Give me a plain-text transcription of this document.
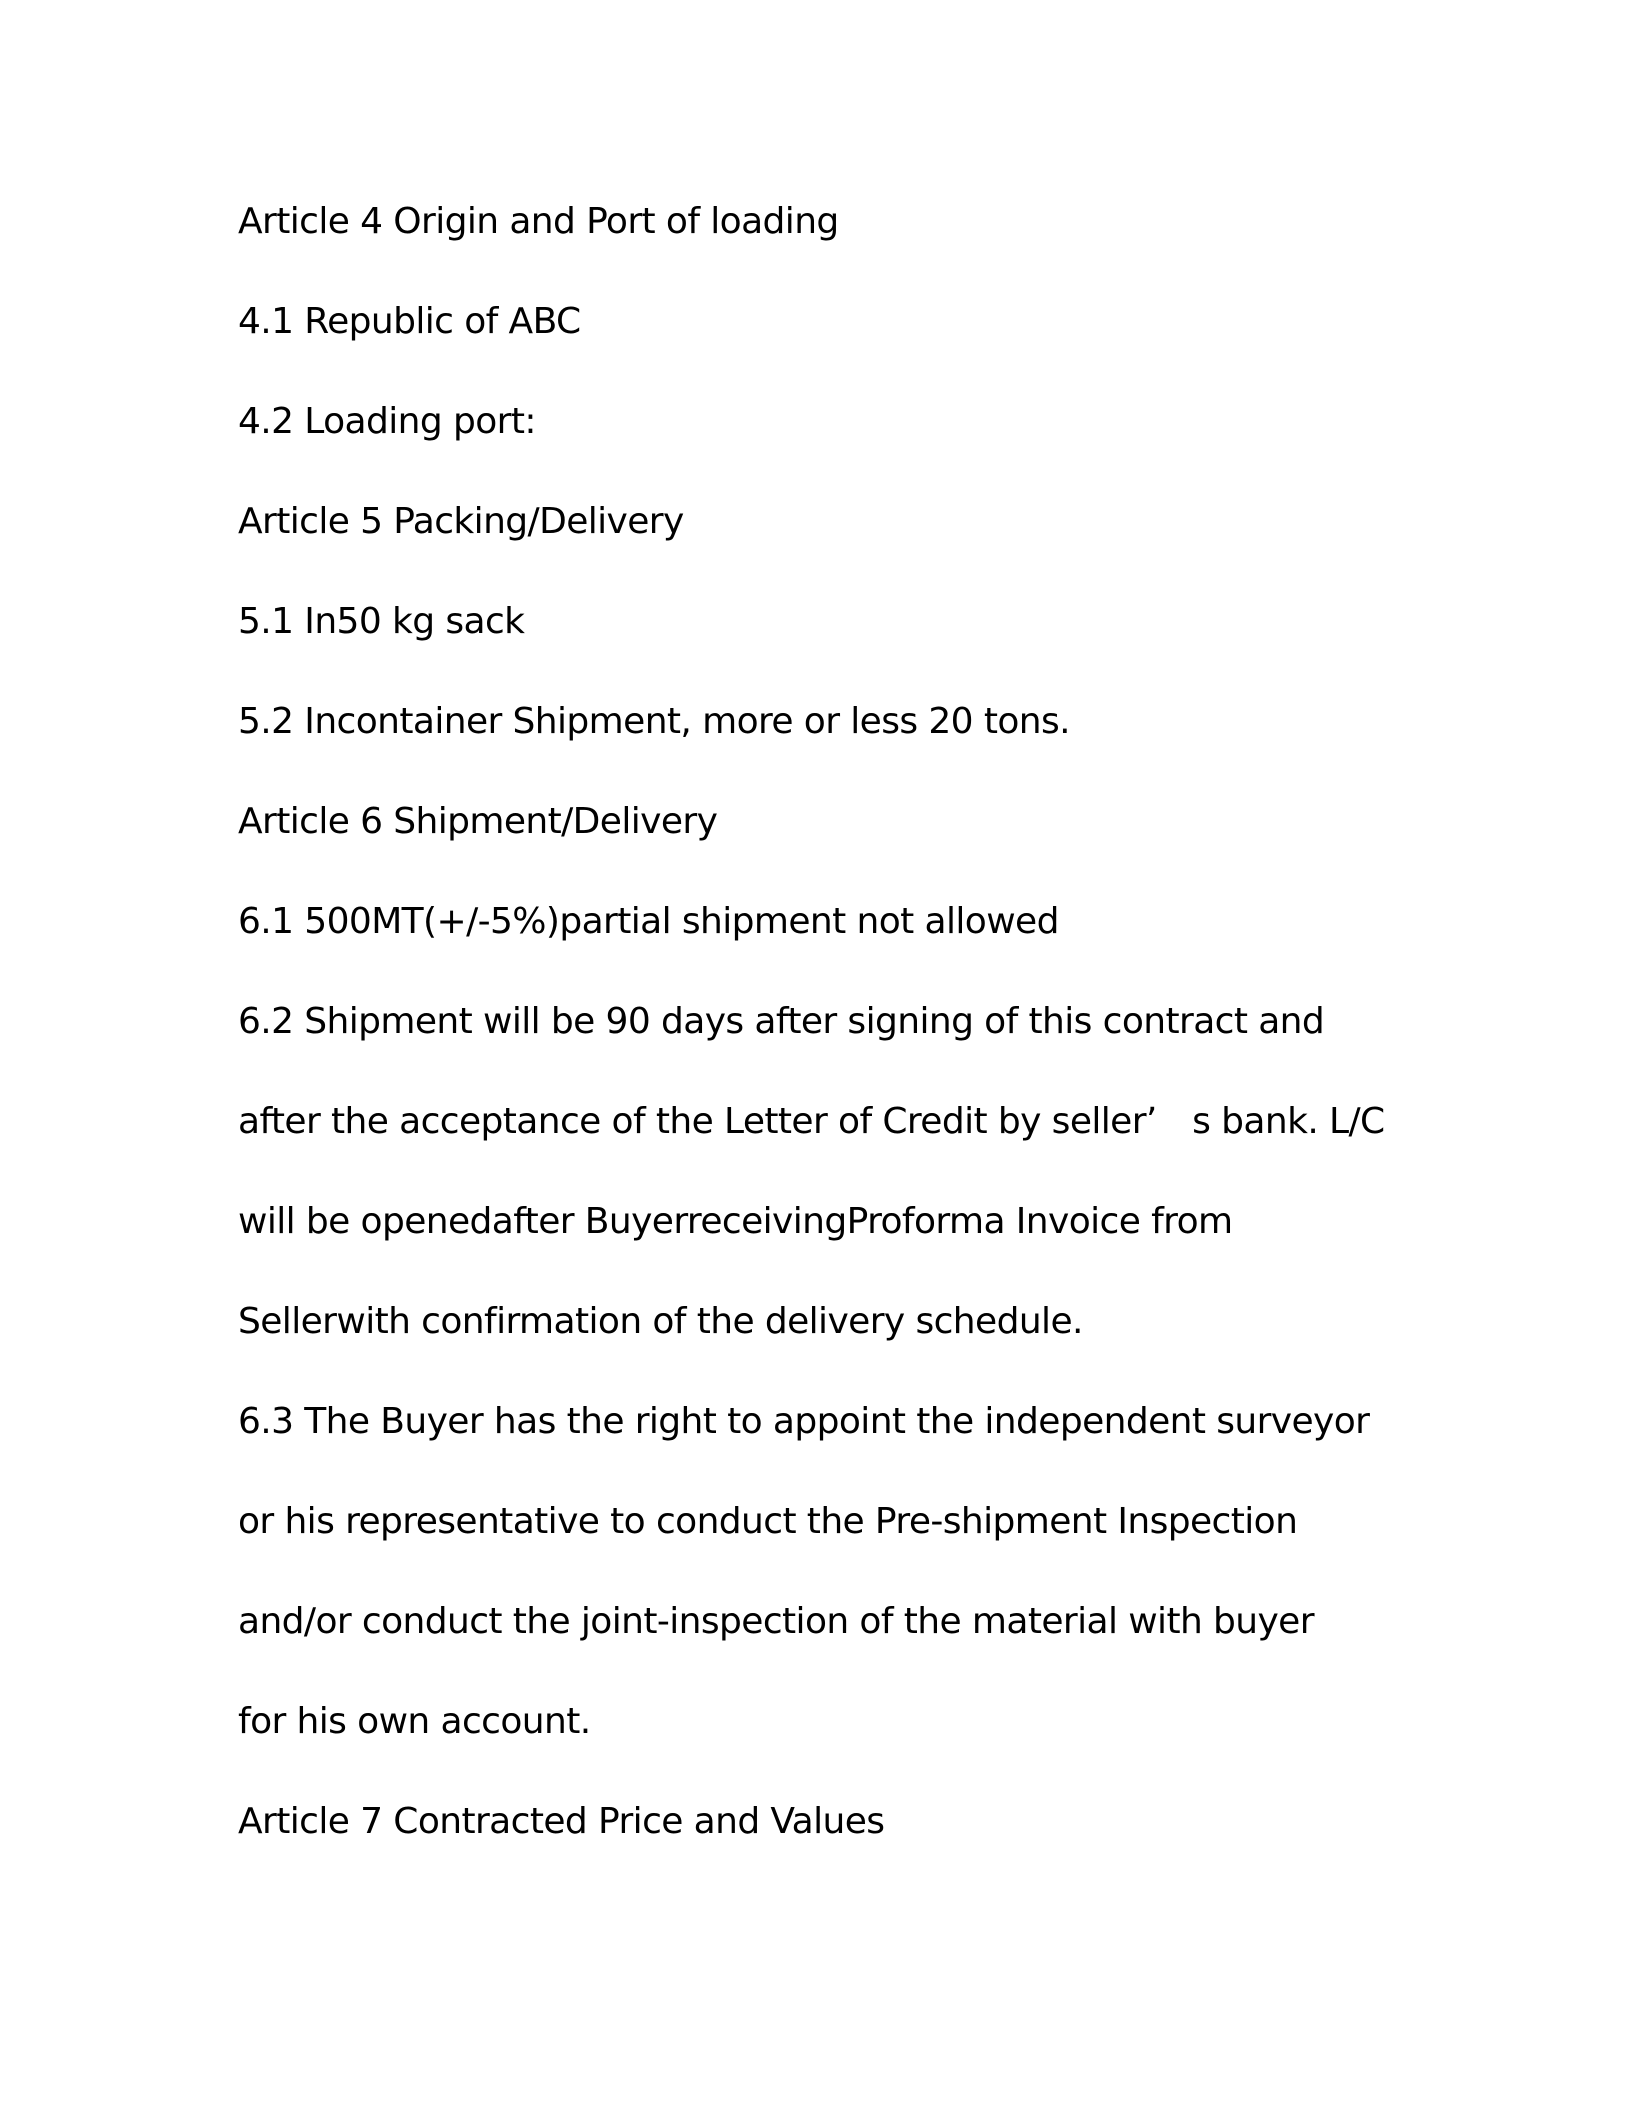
Article 4 Origin and Port of loading

4.1 Republic of ABC

4.2 Loading port:

Article 5 Packing/Delivery

5.1 In50 kg sack

5.2 Incontainer Shipment, more or less 20 tons.

Article 6 Shipment/Delivery

6.1 500MT(+/-5%)partial shipment not allowed

6.2 Shipment will be 90 days after signing of this contract and

after the acceptance of the Letter of Credit by seller’　s bank. L/C

will be openedafter BuyerreceivingProforma Invoice from

Sellerwith confirmation of the delivery schedule.

6.3 The Buyer has the right to appoint the independent surveyor

or his representative to conduct the Pre-shipment Inspection

and/or conduct the joint-inspection of the material with buyer

for his own account.

Article 7 Contracted Price and Values
